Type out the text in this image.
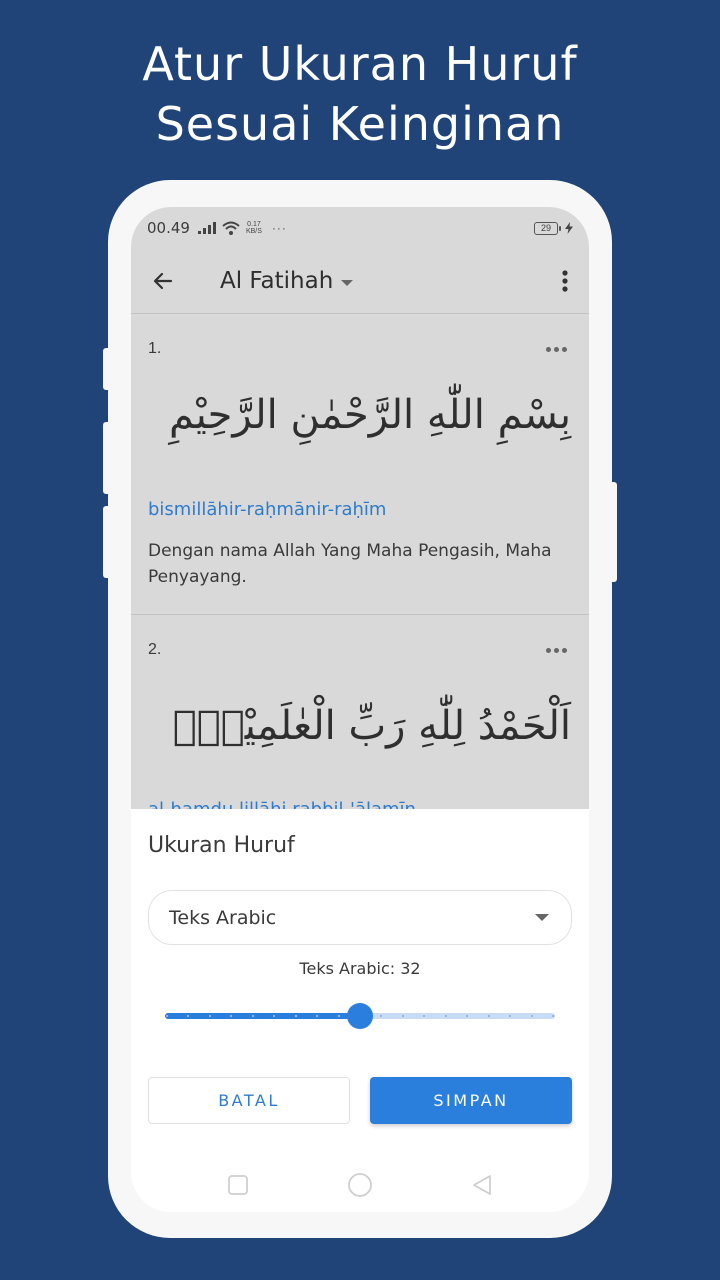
Atur Ukuran Huruf
Sesuai Keinginan
00.49	0.17
KB/S ···	29
Al Fatihah
1.
بِسْمِ اللّٰهِ الرَّحْمٰنِ الرَّحِيْمِ
bismillāhir-raḥmānir-raḥīm
Dengan nama Allah Yang Maha Pengasih, Maha Penyayang.
2.
اَلْحَمْدُ لِلّٰهِ رَبِّ الْعٰلَمِيْنَۙ
Ukuran Huruf
Teks Arabic
Teks Arabic: 32
BATAL	SIMPAN
